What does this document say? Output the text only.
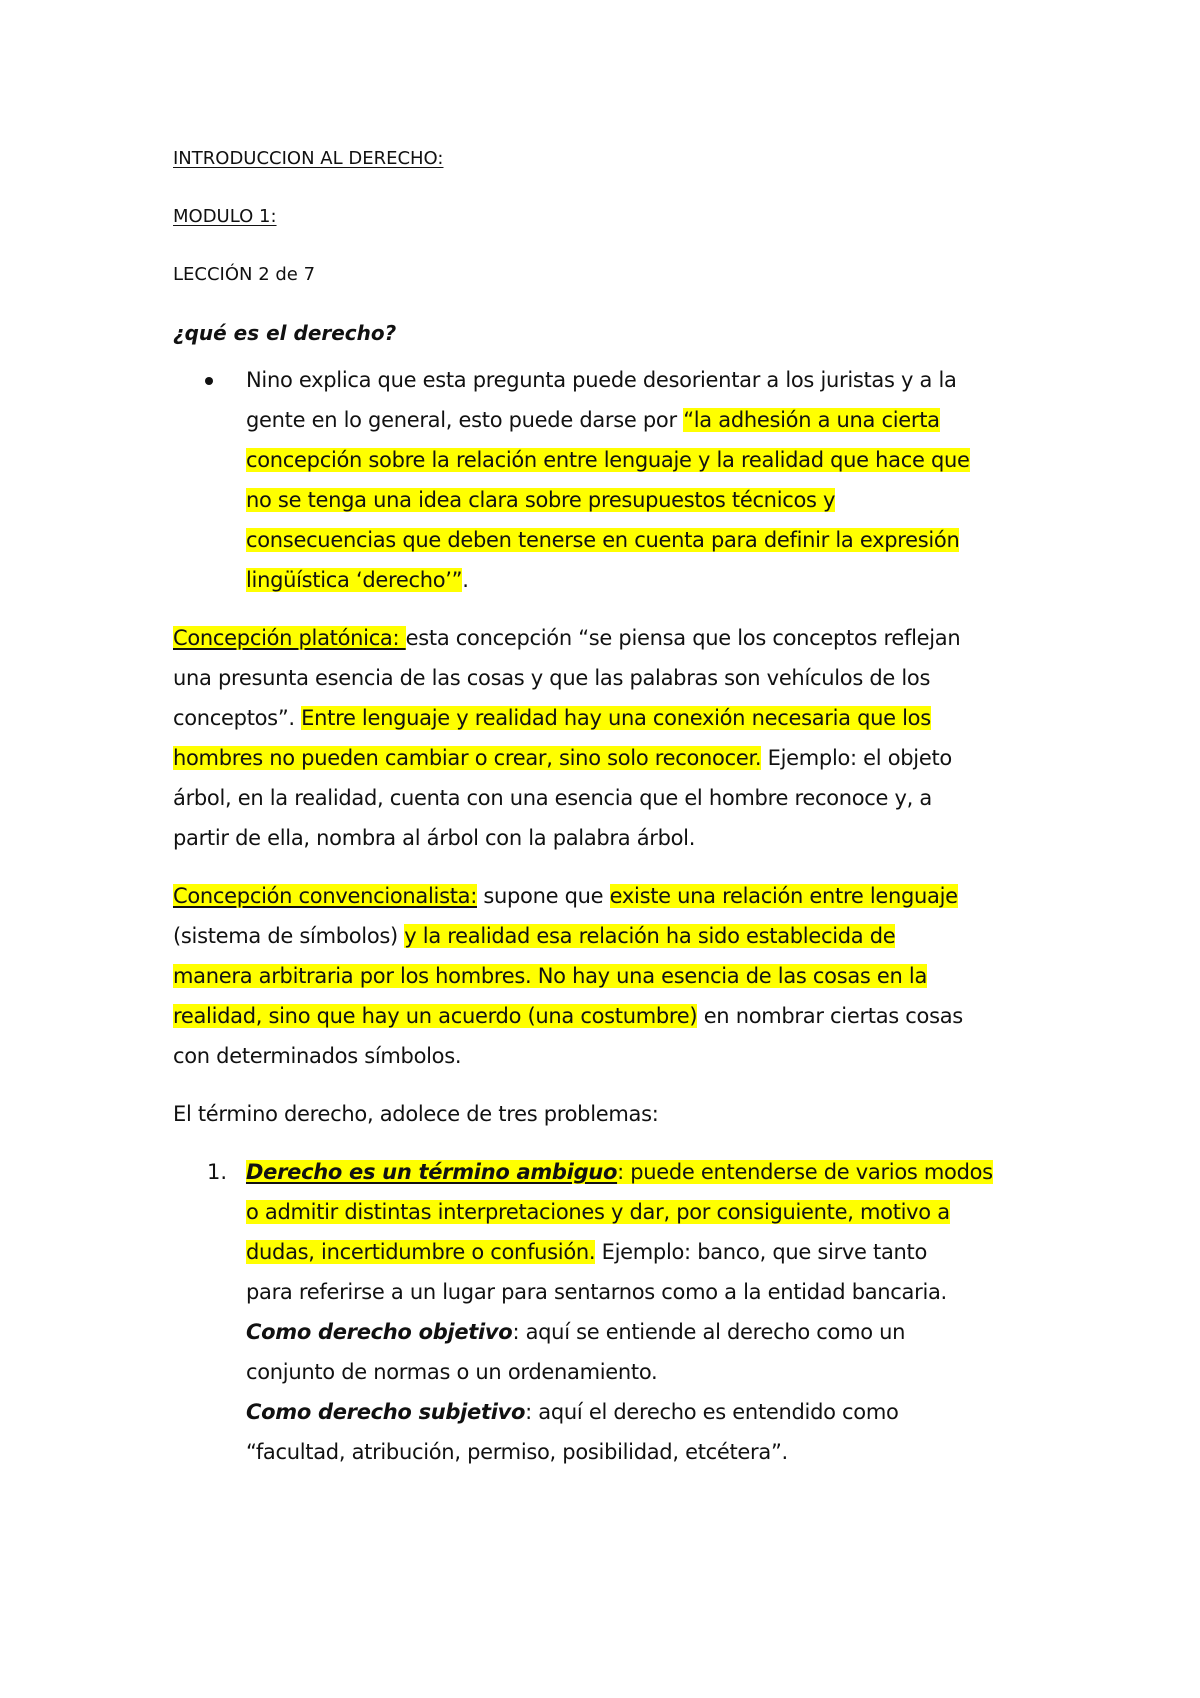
INTRODUCCION AL DERECHO:
MODULO 1:
LECCIÓN 2 de 7
¿qué es el derecho?
Nino explica que esta pregunta puede desorientar a los juristas y a la
gente en lo general, esto puede darse por “la adhesión a una cierta
concepción sobre la relación entre lenguaje y la realidad que hace que
no se tenga una idea clara sobre presupuestos técnicos y
consecuencias que deben tenerse en cuenta para definir la expresión
lingüística ‘derecho’”.
Concepción platónica: esta concepción “se piensa que los conceptos reflejan
una presunta esencia de las cosas y que las palabras son vehículos de los
conceptos”. Entre lenguaje y realidad hay una conexión necesaria que los
hombres no pueden cambiar o crear, sino solo reconocer. Ejemplo: el objeto
árbol, en la realidad, cuenta con una esencia que el hombre reconoce y, a
partir de ella, nombra al árbol con la palabra árbol.
Concepción convencionalista: supone que existe una relación entre lenguaje
(sistema de símbolos) y la realidad esa relación ha sido establecida de
manera arbitraria por los hombres. No hay una esencia de las cosas en la
realidad, sino que hay un acuerdo (una costumbre) en nombrar ciertas cosas
con determinados símbolos.
El término derecho, adolece de tres problemas:
1. Derecho es un término ambiguo: puede entenderse de varios modos
o admitir distintas interpretaciones y dar, por consiguiente, motivo a
dudas, incertidumbre o confusión. Ejemplo: banco, que sirve tanto
para referirse a un lugar para sentarnos como a la entidad bancaria.
Como derecho objetivo: aquí se entiende al derecho como un
conjunto de normas o un ordenamiento.
Como derecho subjetivo: aquí el derecho es entendido como
“facultad, atribución, permiso, posibilidad, etcétera”.
